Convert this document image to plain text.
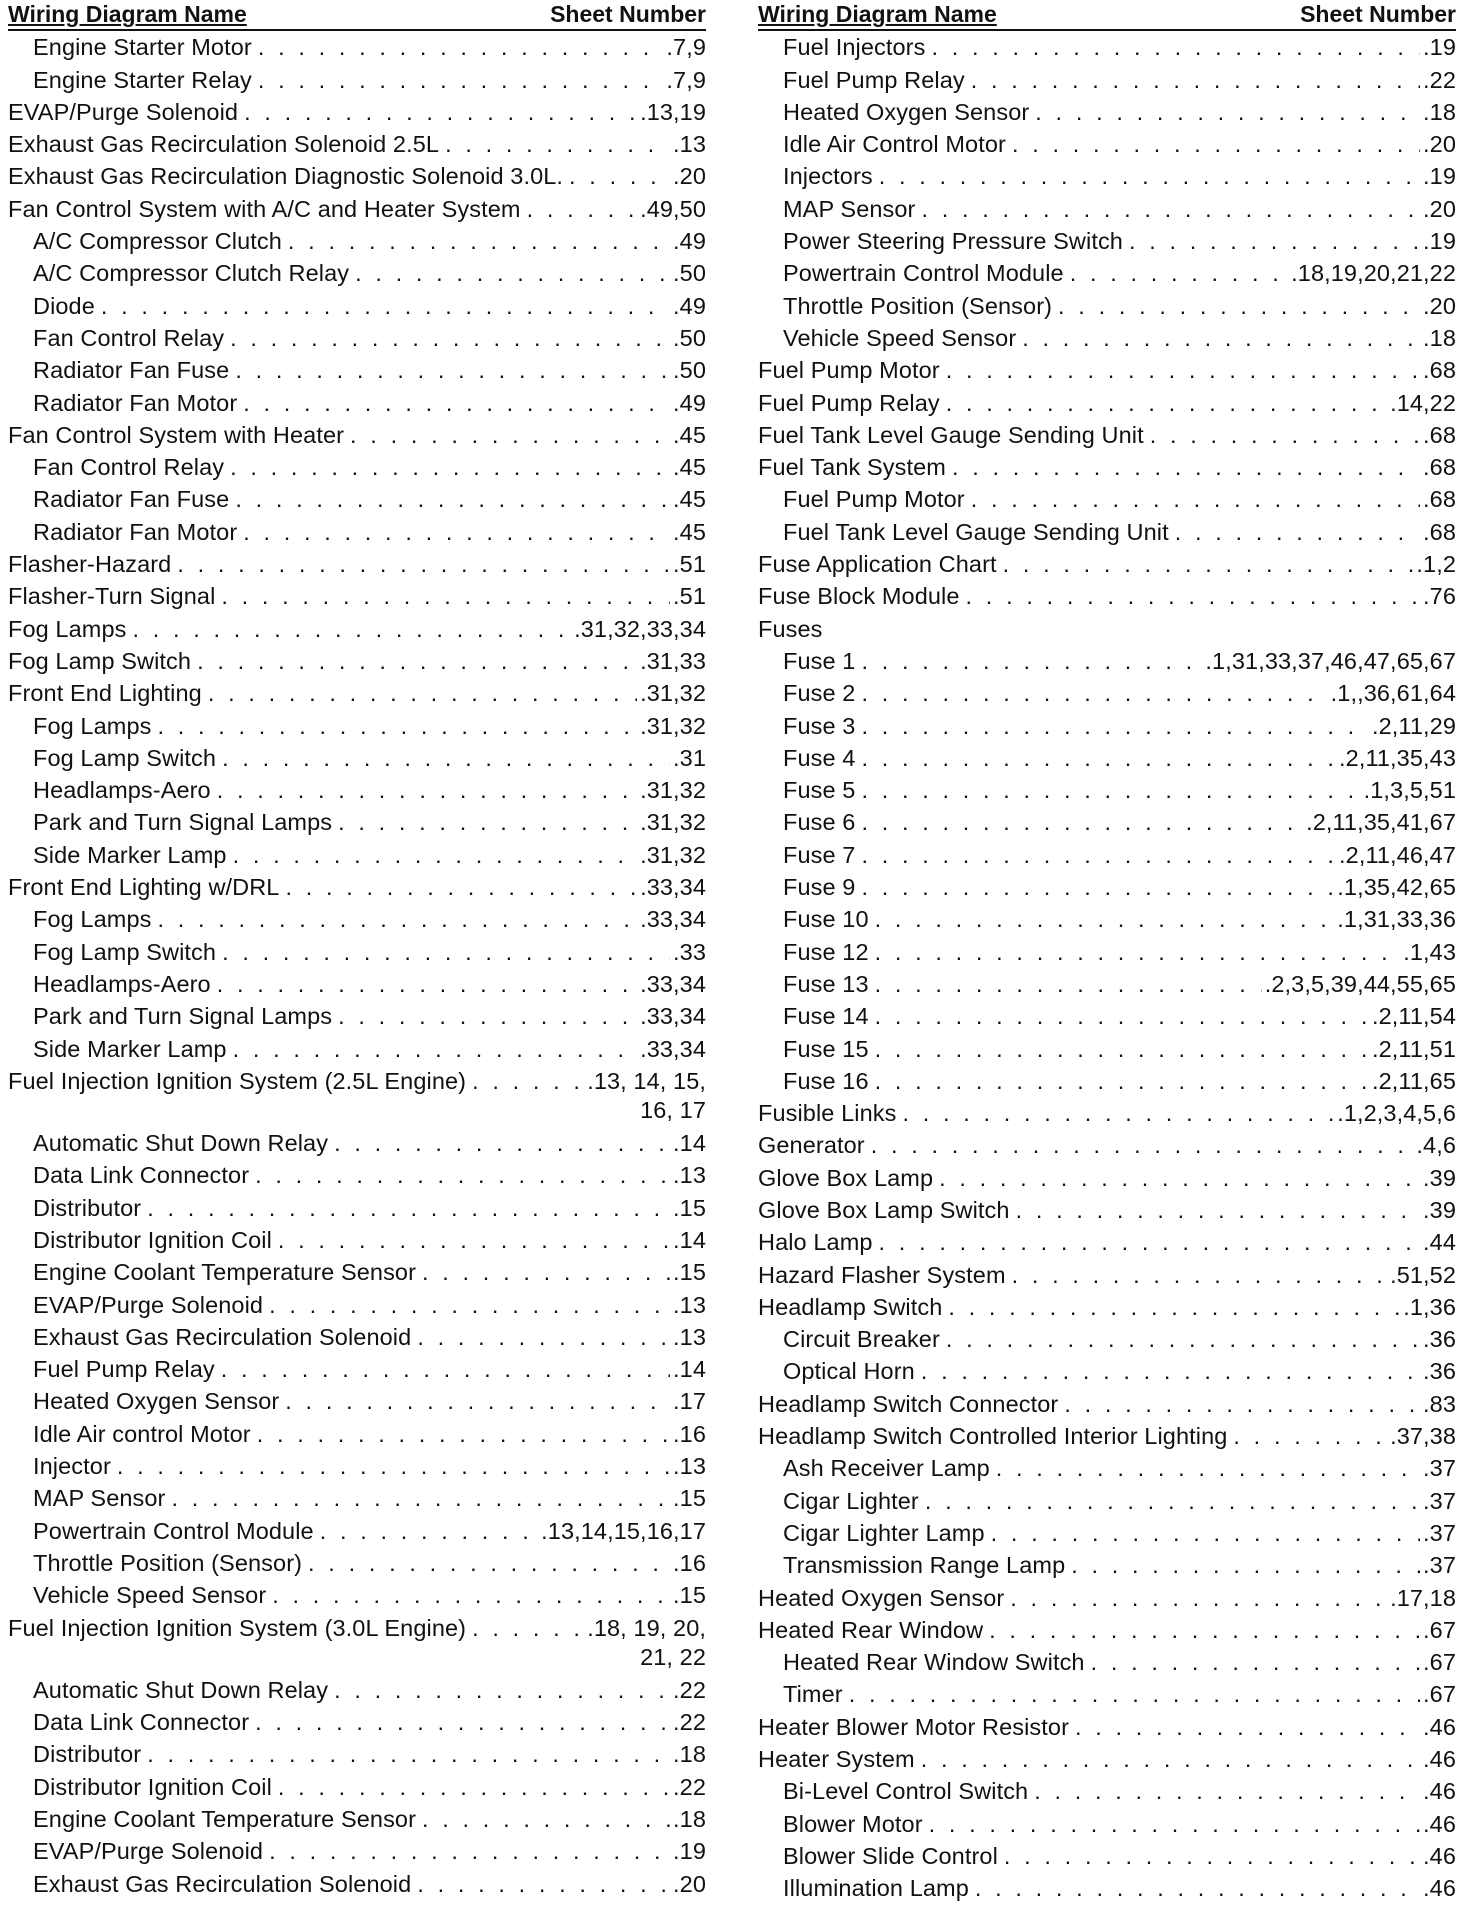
Wiring Diagram Name	Sheet Number
Engine Starter Motor . . .	.7,9
Engine Starter Relay . . .	.7,9
EVAP/Purge Solenoid . . .	.13,19
Exhaust Gas Recirculation Solenoid 2.5L . . .	.13
Exhaust Gas Recirculation Diagnostic Solenoid 3.0L. . . .	.20
Fan Control System with A/C and Heater System . . .	.49,50
A/C Compressor Clutch . . .	.49
A/C Compressor Clutch Relay . . .	.50
Diode . . .	.49
Fan Control Relay . . .	.50
Radiator Fan Fuse . . .	.50
Radiator Fan Motor . . .	.49
Fan Control System with Heater . . .	.45
Fan Control Relay . . .	.45
Radiator Fan Fuse . . .	.45
Radiator Fan Motor . . .	.45
Flasher-Hazard . . .	.51
Flasher-Turn Signal . . .	.51
Fog Lamps . . .	.31,32,33,34
Fog Lamp Switch . . .	.31,33
Front End Lighting . . .	.31,32
Fog Lamps . . .	.31,32
Fog Lamp Switch . . .	.31
Headlamps-Aero . . .	.31,32
Park and Turn Signal Lamps . . .	.31,32
Side Marker Lamp . . .	.31,32
Front End Lighting w/DRL . . .	.33,34
Fog Lamps . . .	.33,34
Fog Lamp Switch . . .	.33
Headlamps-Aero . . .	.33,34
Park and Turn Signal Lamps . . .	.33,34
Side Marker Lamp . . .	.33,34
Fuel Injection Ignition System (2.5L Engine) . . .	.13, 14, 15,
16, 17
Automatic Shut Down Relay . . .	.14
Data Link Connector . . .	.13
Distributor . . .	.15
Distributor Ignition Coil . . .	.14
Engine Coolant Temperature Sensor . . .	.15
EVAP/Purge Solenoid . . .	.13
Exhaust Gas Recirculation Solenoid . . .	.13
Fuel Pump Relay . . .	.14
Heated Oxygen Sensor . . .	.17
Idle Air control Motor . . .	.16
Injector . . .	.13
MAP Sensor . . .	.15
Powertrain Control Module . . .	.13,14,15,16,17
Throttle Position (Sensor) . . .	.16
Vehicle Speed Sensor . . .	.15
Fuel Injection Ignition System (3.0L Engine) . . .	.18, 19, 20,
21, 22
Automatic Shut Down Relay . . .	.22
Data Link Connector . . .	.22
Distributor . . .	.18
Distributor Ignition Coil . . .	.22
Engine Coolant Temperature Sensor . . .	.18
EVAP/Purge Solenoid . . .	.19
Exhaust Gas Recirculation Solenoid . . .	.20
Wiring Diagram Name	Sheet Number
Fuel Injectors . . .	.19
Fuel Pump Relay . . .	.22
Heated Oxygen Sensor . . .	.18
Idle Air Control Motor . . .	.20
Injectors . . .	.19
MAP Sensor . . .	.20
Power Steering Pressure Switch . . .	.19
Powertrain Control Module . . .	.18,19,20,21,22
Throttle Position (Sensor) . . .	.20
Vehicle Speed Sensor . . .	.18
Fuel Pump Motor . . .	.68
Fuel Pump Relay . . .	.14,22
Fuel Tank Level Gauge Sending Unit . . .	.68
Fuel Tank System . . .	.68
Fuel Pump Motor . . .	.68
Fuel Tank Level Gauge Sending Unit . . .	.68
Fuse Application Chart . . .	.1,2
Fuse Block Module . . .	.76
Fuses
Fuse 1 . . .	.1,31,33,37,46,47,65,67
Fuse 2 . . .	.1,,36,61,64
Fuse 3 . . .	.2,11,29
Fuse 4 . . .	.2,11,35,43
Fuse 5 . . .	.1,3,5,51
Fuse 6 . . .	.2,11,35,41,67
Fuse 7 . . .	.2,11,46,47
Fuse 9 . . .	.1,35,42,65
Fuse 10 . . .	.1,31,33,36
Fuse 12 . . .	.1,43
Fuse 13 . . .	.2,3,5,39,44,55,65
Fuse 14 . . .	.2,11,54
Fuse 15 . . .	.2,11,51
Fuse 16 . . .	.2,11,65
Fusible Links . . .	.1,2,3,4,5,6
Generator . . .	.4,6
Glove Box Lamp . . .	.39
Glove Box Lamp Switch . . .	.39
Halo Lamp . . .	.44
Hazard Flasher System . . .	.51,52
Headlamp Switch . . .	.1,36
Circuit Breaker . . .	.36
Optical Horn . . .	.36
Headlamp Switch Connector . . .	.83
Headlamp Switch Controlled Interior Lighting . . .	.37,38
Ash Receiver Lamp . . .	.37
Cigar Lighter . . .	.37
Cigar Lighter Lamp . . .	.37
Transmission Range Lamp . . .	.37
Heated Oxygen Sensor . . .	.17,18
Heated Rear Window . . .	.67
Heated Rear Window Switch . . .	.67
Timer . . .	.67
Heater Blower Motor Resistor . . .	.46
Heater System . . .	.46
Bi-Level Control Switch . . .	.46
Blower Motor . . .	.46
Blower Slide Control . . .	.46
Illumination Lamp . . .	.46
